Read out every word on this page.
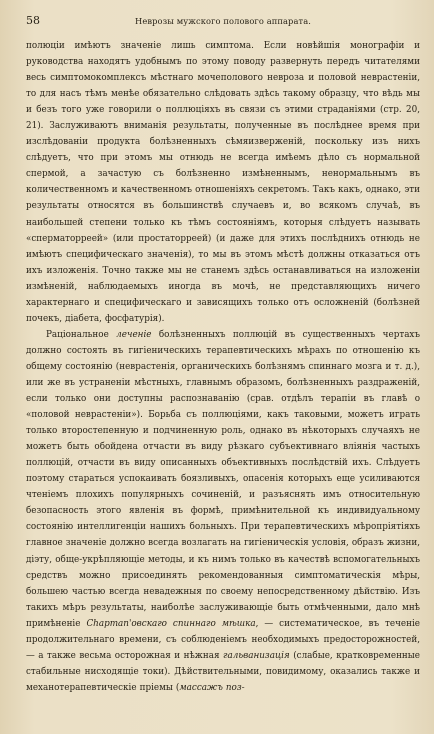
58	Неврозы мужского полового аппарата.

полюціи имѣютъ значеніе лишь симптома. Если новѣйшія монографіи и руководства находятъ удобнымъ по этому поводу развернуть передъ читателями весь симптомокомплексъ мѣстнаго мочеполового невроза и половой неврастеніи, то для насъ тѣмъ менѣе обязательно слѣдовать здѣсь такому образцу, что вѣдь мы и безъ того уже говорили о поллюціяхъ въ связи съ этими страданіями (стр. 20, 21). Заслуживаютъ вниманія результаты, полученные въ послѣднее время при изслѣдованіи продукта болѣзненныхъ сѣмяизверженій, поскольку изъ нихъ слѣдуетъ, что при этомъ мы отнюдь не всегда имѣемъ дѣло съ нормальной спермой, а зачастую съ болѣзненно измѣненнымъ, ненормальнымъ въ количественномъ и качественномъ отношеніяхъ секретомъ. Такъ какъ, однако, эти результаты относятся въ большинствѣ случаевъ и, во всякомъ случаѣ, въ наибольшей степени только къ тѣмъ состояніямъ, которыя слѣдуетъ называть «сперматорреей» (или простаторреей) (и даже для этихъ послѣднихъ отнюдь не имѣютъ специфическаго значенія), то мы въ этомъ мѣстѣ должны отказаться отъ ихъ изложенія. Точно также мы не станемъ здѣсь останавливаться на изложеніи измѣненій, наблюдаемыхъ иногда въ мочѣ, не представляющихъ ничего характернаго и специфическаго и зависящихъ только отъ осложненій (болѣзней почекъ, діабета, фосфатурія).

Раціональное леченіе болѣзненныхъ поллюцій въ существенныхъ чертахъ должно состоять въ гигіеническихъ терапевтическихъ мѣрахъ по отношенію къ общему состоянію (неврастенія, органическихъ болѣзнямъ спиннаго мозга и т. д.), или же въ устраненіи мѣстныхъ, главнымъ образомъ, болѣзненныхъ раздраженій, если только они доступны распознаванію (срав. отдѣлъ терапіи въ главѣ о «половой неврастеніи»). Борьба съ поллюціями, какъ таковыми, можетъ играть только второстепенную и подчиненную роль, однако въ нѣкоторыхъ случаяхъ не можетъ быть обойдена отчасти въ виду рѣзкаго субъективнаго вліянія частыхъ поллюцій, отчасти въ виду описанныхъ объективныхъ послѣдствій ихъ. Слѣдуетъ поэтому стараться успокаивать боязливыхъ, опасенія которыхъ еще усиливаются чтеніемъ плохихъ популярныхъ сочиненій, и разъяснять имъ относительную безопасность этого явленія въ формѣ, примѣнительной къ индивидуальному состоянію интеллигенціи нашихъ больныхъ. При терапевтическихъ мѣропріятіяхъ главное значеніе должно всегда возлагать на гигіеническія условія, образъ жизни, діэту, обще-укрѣпляющіе методы, и къ нимъ только въ качествѣ вспомогательныхъ средствъ можно присоединять рекомендованныя симптоматическія мѣры, большею частью всегда невадежныя по своему непосредственному дѣйствію. Изъ такихъ мѣръ результаты, наиболѣе заслуживающіе быть отмѣченными, дало мнѣ примѣненіе Chapman'овскаго спиннаго мѣшка, — систематическое, въ теченіе продолжительнаго времени, съ соблюденіемъ необходимыхъ предосторожностей, — а также весьма осторожная и нѣжная гальванизація (слабые, кратковременные стабильные нисходящіе токи). Дѣйствительными, повидимому, оказались также и механотерапевтическіе пріемы (массажъ поз-
